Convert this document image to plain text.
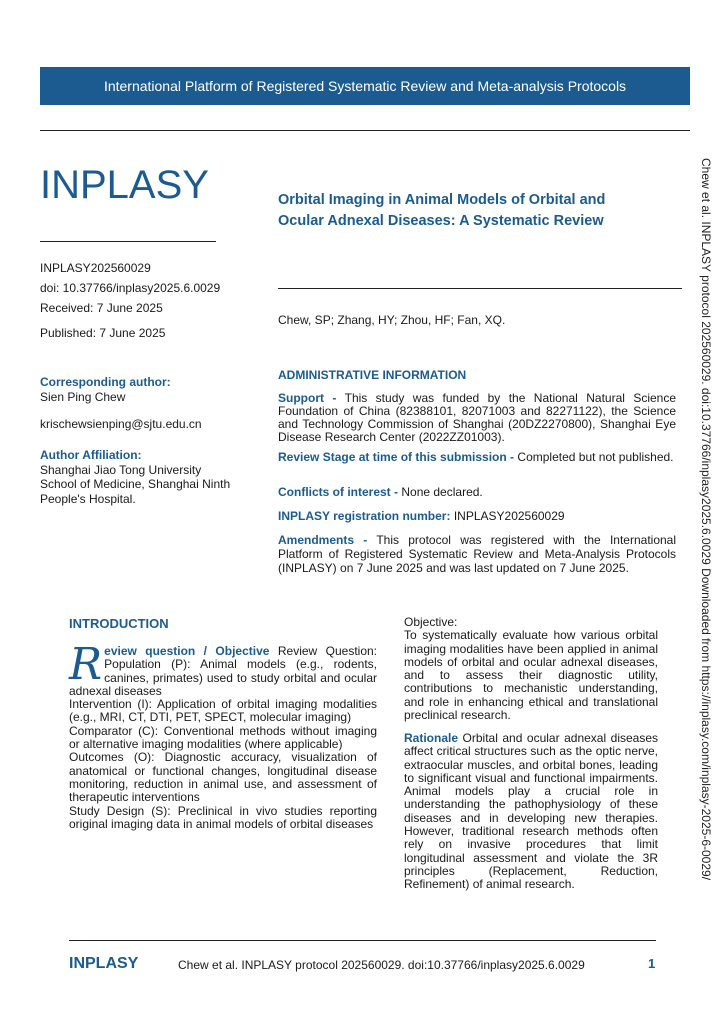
International Platform of Registered Systematic Review and Meta-analysis Protocols
INPLASY
INPLASY202560029
doi: 10.37766/inplasy2025.6.0029
Received: 7 June 2025
Published: 7 June 2025
Orbital Imaging in Animal Models of Orbital and
Ocular Adnexal Diseases: A Systematic Review
Chew, SP; Zhang, HY; Zhou, HF; Fan, XQ.
Corresponding author:
Sien Ping Chew
krischewsienping@sjtu.edu.cn
Author Affiliation:
Shanghai Jiao Tong University
School of Medicine, Shanghai Ninth
People's Hospital.
ADMINISTRATIVE INFORMATION
Support - This study was funded by the National Natural Science Foundation of China (82388101, 82071003 and 82271122), the Science and Technology Commission of Shanghai (20DZ2270800), Shanghai Eye Disease Research Center (2022ZZ01003).
Review Stage at time of this submission - Completed but not published.
Conflicts of interest - None declared.
INPLASY registration number: INPLASY202560029
Amendments - This protocol was registered with the International Platform of Registered Systematic Review and Meta-Analysis Protocols (INPLASY) on 7 June 2025 and was last updated on 7 June 2025.
INTRODUCTION
R eview question / Objective Review Question: Population (P): Animal models (e.g., rodents, canines, primates) used to study orbital and ocular adnexal diseases
Intervention (I): Application of orbital imaging modalities (e.g., MRI, CT, DTI, PET, SPECT, molecular imaging)
Comparator (C): Conventional methods without imaging or alternative imaging modalities (where applicable)
Outcomes (O): Diagnostic accuracy, visualization of anatomical or functional changes, longitudinal disease monitoring, reduction in animal use, and assessment of therapeutic interventions
Study Design (S): Preclinical in vivo studies reporting original imaging data in animal models of orbital diseases
Objective:
To systematically evaluate how various orbital imaging modalities have been applied in animal models of orbital and ocular adnexal diseases, and to assess their diagnostic utility, contributions to mechanistic understanding, and role in enhancing ethical and translational preclinical research.
Rationale Orbital and ocular adnexal diseases affect critical structures such as the optic nerve, extraocular muscles, and orbital bones, leading to significant visual and functional impairments. Animal models play a crucial role in understanding the pathophysiology of these diseases and in developing new therapies. However, traditional research methods often rely on invasive procedures that limit longitudinal assessment and violate the 3R principles (Replacement, Reduction, Refinement) of animal research.
Chew et al. INPLASY protocol 202560029. doi:10.37766/inplasy2025.6.0029 Downloaded from https://inplasy.com/inplasy-2025-6-0029/
INPLASY	Chew et al. INPLASY protocol 202560029. doi:10.37766/inplasy2025.6.0029	1
